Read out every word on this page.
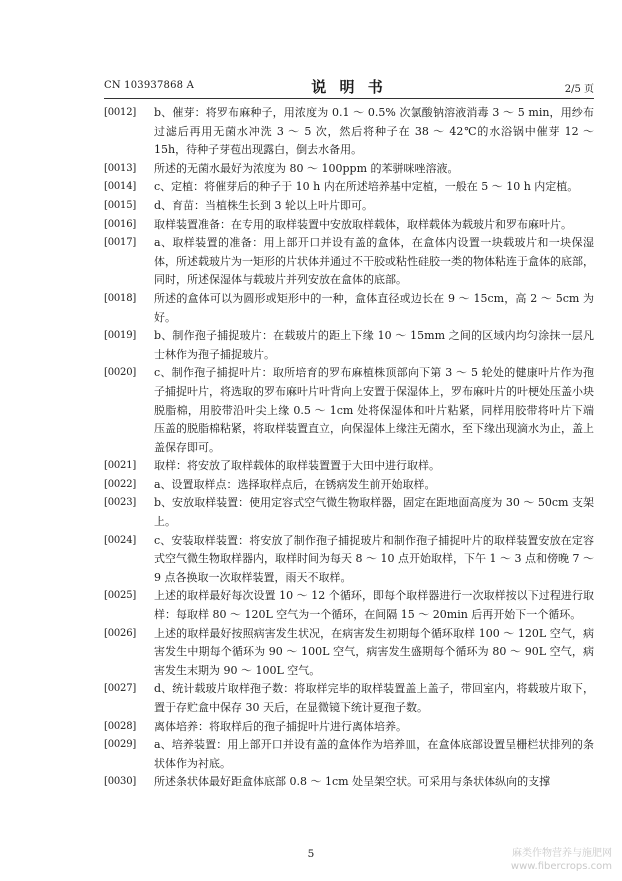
CN 103937868 A	说 明 书	2/5 页
[0012]	b、催芽：将罗布麻种子，用浓度为 0.1 ～ 0.5% 次氯酸钠溶液消毒 3 ～ 5 min，用纱布过滤后再用无菌水冲洗 3 ～ 5 次，然后将种子在 38 ～ 42℃的水浴锅中催芽 12 ～ 15h，待种子芽苞出现露白，倒去水备用。
[0013]	所述的无菌水最好为浓度为 80 ～ 100ppm 的苯骈咪唑溶液。
[0014]	c、定植：将催芽后的种子于 10 h 内在所述培养基中定植，一般在 5 ～ 10 h 内定植。
[0015]	d、育苗：当植株生长到 3 轮以上叶片即可。
[0016]	取样装置准备：在专用的取样装置中安放取样载体，取样载体为载玻片和罗布麻叶片。
[0017]	a、取样装置的准备：用上部开口并设有盖的盒体，在盒体内设置一块载玻片和一块保湿体，所述载玻片为一矩形的片状体并通过不干胶或粘性硅胶一类的物体粘连于盒体的底部，同时，所述保湿体与载玻片并列安放在盒体的底部。
[0018]	所述的盒体可以为圆形或矩形中的一种，盒体直径或边长在 9 ～ 15cm，高 2 ～ 5cm 为好。
[0019]	b、制作孢子捕捉玻片：在载玻片的距上下缘 10 ～ 15mm 之间的区域内均匀涂抹一层凡士林作为孢子捕捉玻片。
[0020]	c、制作孢子捕捉叶片：取所培育的罗布麻植株顶部向下第 3 ～ 5 轮处的健康叶片作为孢子捕捉叶片，将选取的罗布麻叶片叶背向上安置于保湿体上，罗布麻叶片的叶梗处压盖小块脱脂棉，用胶带沿叶尖上缘 0.5 ～ 1cm 处将保湿体和叶片粘紧，同样用胶带将叶片下端压盖的脱脂棉粘紧，将取样装置直立，向保湿体上缘注无菌水，至下缘出现滴水为止，盖上盖保存即可。
[0021]	取样：将安放了取样载体的取样装置置于大田中进行取样。
[0022]	a、设置取样点：选择取样点后，在锈病发生前开始取样。
[0023]	b、安放取样装置：使用定容式空气微生物取样器，固定在距地面高度为 30 ～ 50cm 支架上。
[0024]	c、安装取样装置：将安放了制作孢子捕捉玻片和制作孢子捕捉叶片的取样装置安放在定容式空气微生物取样器内，取样时间为每天 8 ～ 10 点开始取样，下午 1 ～ 3 点和傍晚 7 ～ 9 点各换取一次取样装置，雨天不取样。
[0025]	上述的取样最好每次设置 10 ～ 12 个循环，即每个取样器进行一次取样按以下过程进行取样：每取样 80 ～ 120L 空气为一个循环，在间隔 15 ～ 20min 后再开始下一个循环。
[0026]	上述的取样最好按照病害发生状况，在病害发生初期每个循环取样 100 ～ 120L 空气，病害发生中期每个循环为 90 ～ 100L 空气，病害发生盛期每个循环为 80 ～ 90L 空气，病害发生末期为 90 ～ 100L 空气。
[0027]	d、统计载玻片取样孢子数：将取样完毕的取样装置盖上盖子，带回室内，将载玻片取下，置于存贮盒中保存 30 天后，在显微镜下统计夏孢子数。
[0028]	离体培养：将取样后的孢子捕捉叶片进行离体培养。
[0029]	a、培养装置：用上部开口并设有盖的盒体作为培养皿，在盒体底部设置呈栅栏状排列的条状体作为衬底。
[0030]	所述条状体最好距盒体底部 0.8 ～ 1cm 处呈架空状。可采用与条状体纵向的支撑
5	麻类作物营养与施肥网
www.fibercrops.com
